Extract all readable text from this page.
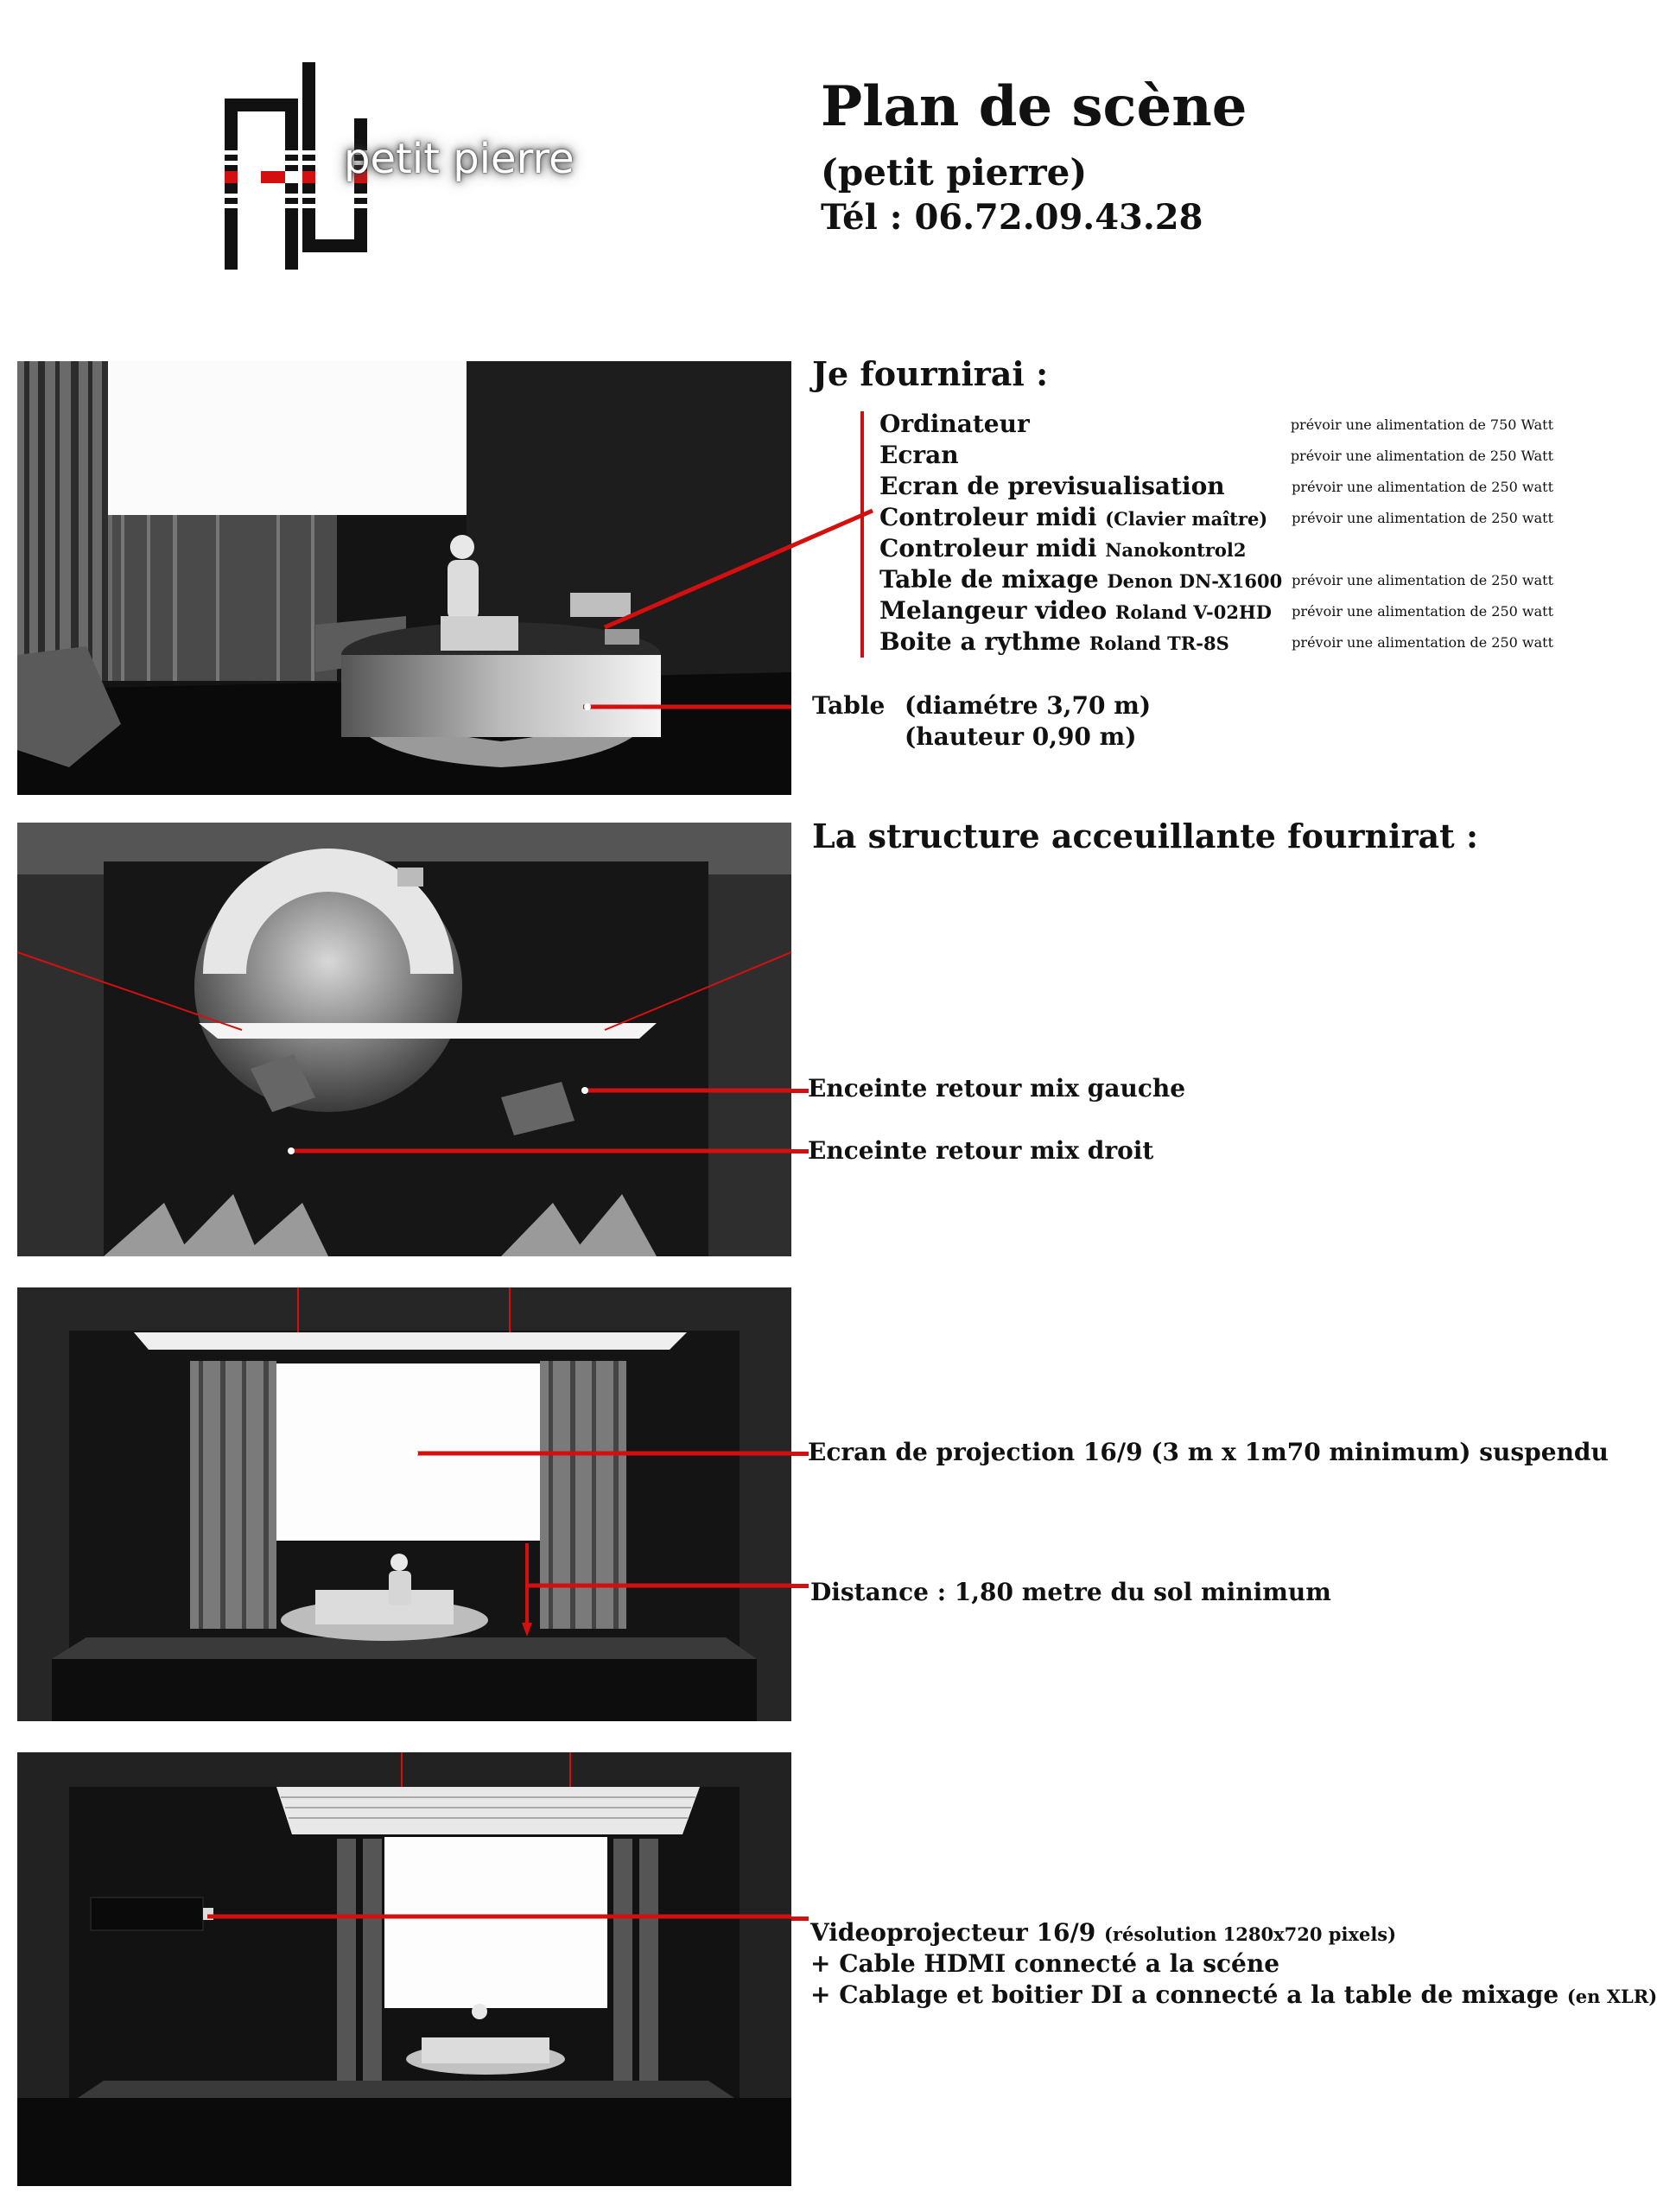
petit pierre
Plan de scène
(petit pierre)
Tél : 06.72.09.43.28
Je fournirai :
Ordinateur	prévoir une alimentation de 750 Watt
Ecran	prévoir une alimentation de 250 Watt
Ecran de previsualisation	prévoir une alimentation de 250 watt
Controleur midi (Clavier maître) prévoir une alimentation de 250 watt
Controleur midi Nanokontrol2
Table de mixage Denon DN-X1600 prévoir une alimentation de 250 watt
Melangeur video Roland V-02HD prévoir une alimentation de 250 watt
Boite a rythme Roland TR-8S	prévoir une alimentation de 250 watt
Table (diamétre 3,70 m)
(hauteur 0,90 m)
La structure acceuillante fournirat :
Enceinte retour mix gauche
Enceinte retour mix droit
Ecran de projection 16/9 (3 m x 1m70 minimum) suspendu
Distance : 1,80 metre du sol minimum
Videoprojecteur 16/9 (résolution 1280x720 pixels)
+ Cable HDMI connecté a la scéne
+ Cablage et boitier DI a connecté a la table de mixage (en XLR)
